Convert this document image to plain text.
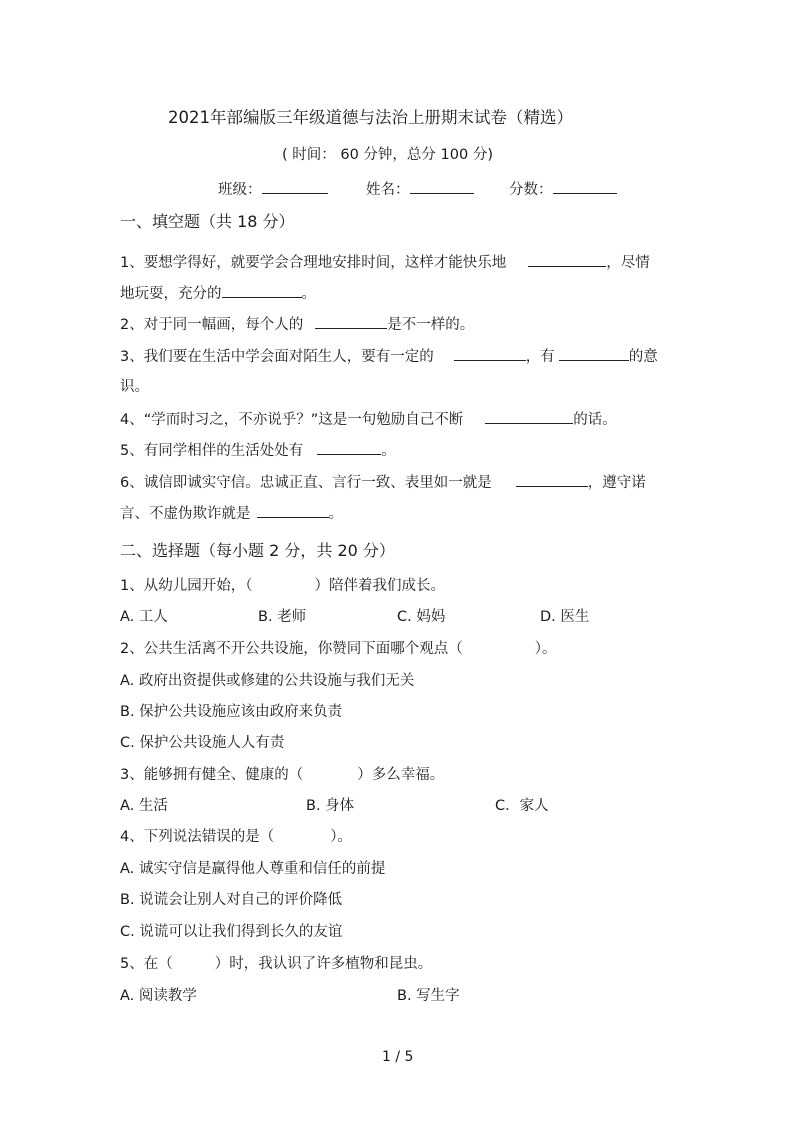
2021年部编版三年级道德与法治上册期末试卷（精选）
( 时间： 60 分钟，总分 100 分)
班级：	姓名：	分数：
一、填空题（共 18 分）
1、要想学得好，就要学会合理地安排时间，这样才能快乐地	，尽情
地玩耍，充分的	。
2、对于同一幅画，每个人的	是不一样的。
3、我们要在生活中学会面对陌生人，要有一定的	，有	的意
识。
4、“学而时习之，不亦说乎？”这是一句勉励自己不断	的话。
5、有同学相伴的生活处处有	。
6、诚信即诚实守信。忠诚正直、言行一致、表里如一就是	，遵守诺
言、不虚伪欺诈就是	。
二、选择题（每小题 2 分，共 20 分）
1、从幼儿园开始，（	）陪伴着我们成长。
A. 工人	B. 老师	C. 妈妈	D. 医生
2、公共生活离不开公共设施，你赞同下面哪个观点（	）。
A. 政府出资提供或修建的公共设施与我们无关
B. 保护公共设施应该由政府来负责
C. 保护公共设施人人有责
3、能够拥有健全、健康的（	）多么幸福。
A. 生活	B. 身体	C．家人
4、下列说法错误的是（	）。
A. 诚实守信是赢得他人尊重和信任的前提
B. 说谎会让别人对自己的评价降低
C. 说谎可以让我们得到长久的友谊
5、在（	）时，我认识了许多植物和昆虫。
A. 阅读教学	B. 写生字
1 / 5
